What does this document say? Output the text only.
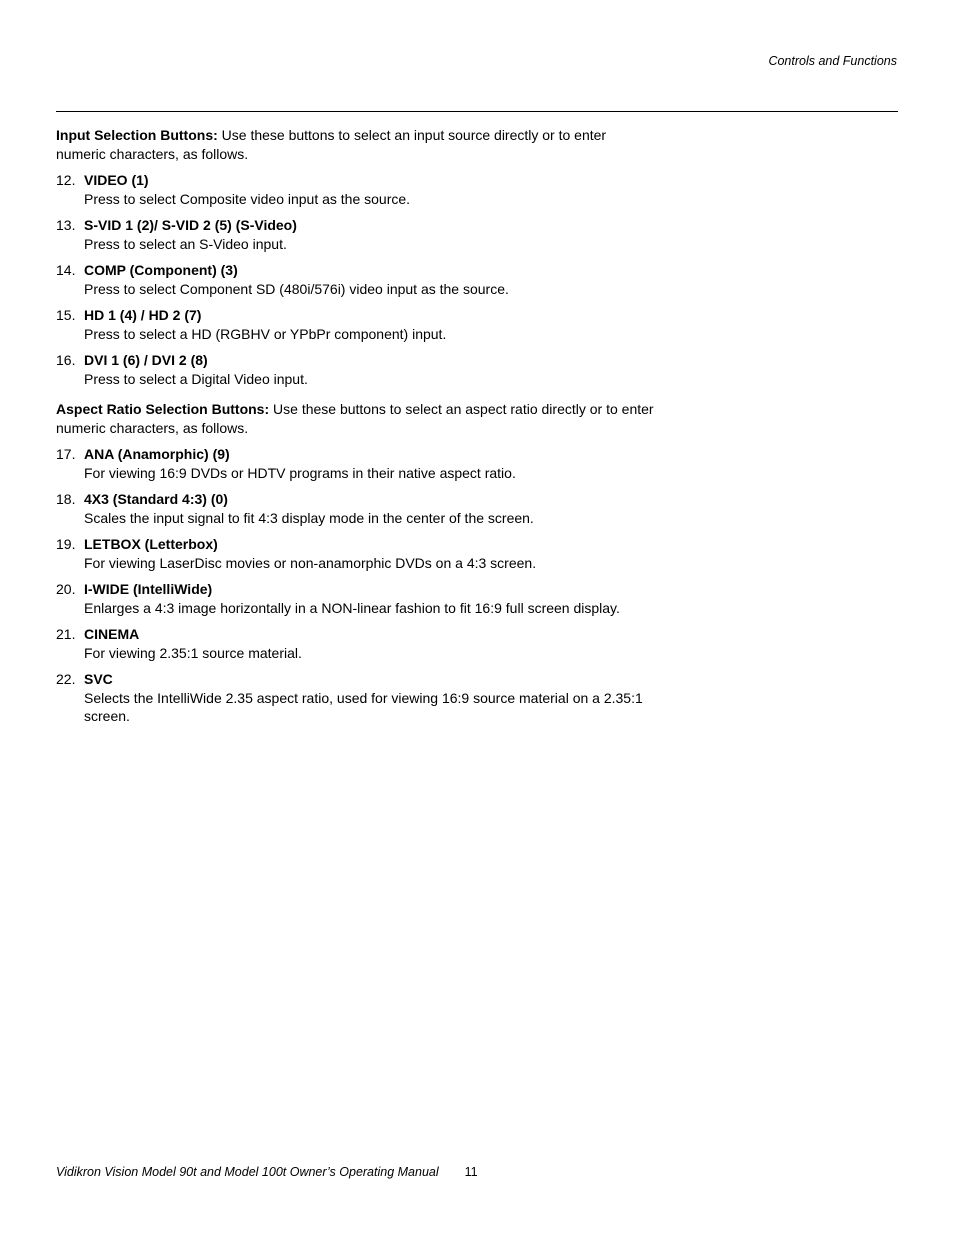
Controls and Functions

Input Selection Buttons: Use these buttons to select an input source directly or to enter numeric characters, as follows.

12. VIDEO (1)
Press to select Composite video input as the source.
13. S-VID 1 (2)/ S-VID 2 (5) (S-Video)
Press to select an S-Video input.
14. COMP (Component) (3)
Press to select Component SD (480i/576i) video input as the source.
15. HD 1 (4) / HD 2 (7)
Press to select a HD (RGBHV or YPbPr component) input.
16. DVI 1 (6) / DVI 2 (8)
Press to select a Digital Video input.

Aspect Ratio Selection Buttons: Use these buttons to select an aspect ratio directly or to enter numeric characters, as follows.

17. ANA (Anamorphic) (9)
For viewing 16:9 DVDs or HDTV programs in their native aspect ratio.
18. 4X3 (Standard 4:3) (0)
Scales the input signal to fit 4:3 display mode in the center of the screen.
19. LETBOX (Letterbox)
For viewing LaserDisc movies or non-anamorphic DVDs on a 4:3 screen.
20. I-WIDE (IntelliWide)
Enlarges a 4:3 image horizontally in a NON-linear fashion to fit 16:9 full screen display.
21. CINEMA
For viewing 2.35:1 source material.
22. SVC
Selects the IntelliWide 2.35 aspect ratio, used for viewing 16:9 source material on a 2.35:1 screen.
Vidikron Vision Model 90t and Model 100t Owner’s Operating Manual 11
